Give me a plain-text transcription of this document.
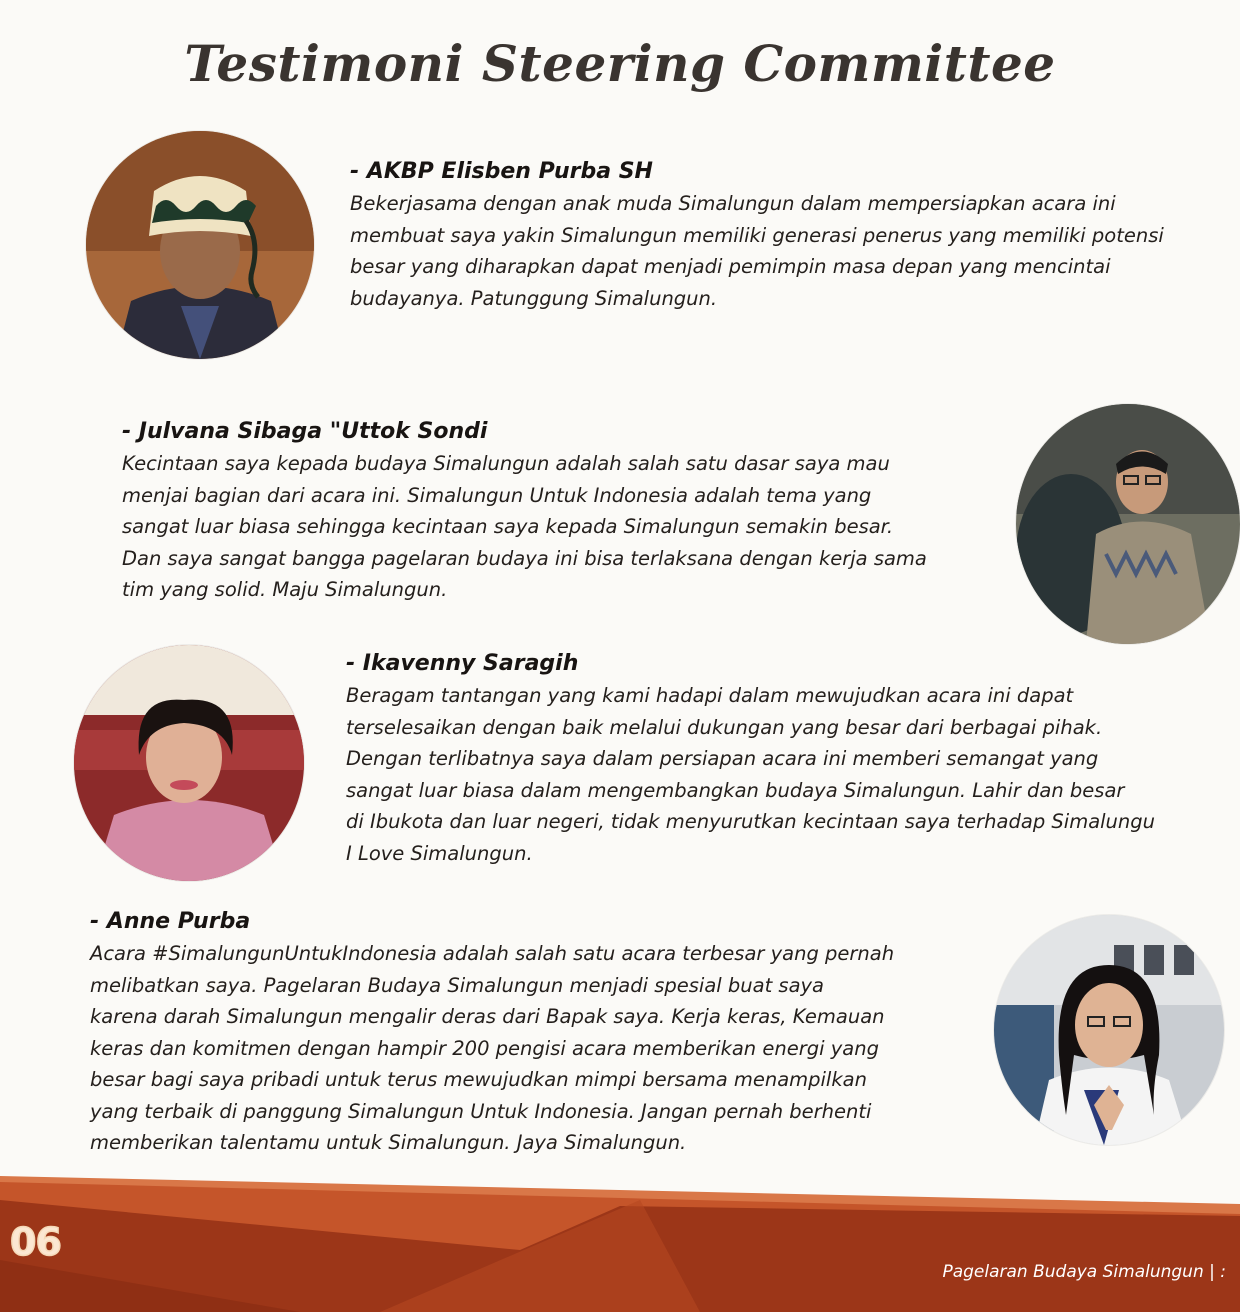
Testimoni Steering Committee
- AKBP Elisben Purba SH
Bekerjasama dengan anak muda Simalungun dalam mempersiapkan acara ini
membuat saya yakin Simalungun memiliki generasi penerus yang memiliki potensi
besar yang diharapkan dapat menjadi pemimpin masa depan yang mencintai
budayanya. Patunggung Simalungun.
- Julvana Sibaga "Uttok Sondi
Kecintaan saya kepada budaya Simalungun adalah salah satu dasar saya mau
menjai bagian dari acara ini. Simalungun Untuk Indonesia adalah tema yang
sangat luar biasa sehingga kecintaan saya kepada Simalungun semakin besar.
Dan saya sangat bangga pagelaran budaya ini bisa terlaksana dengan kerja sama
tim yang solid. Maju Simalungun.
- Ikavenny Saragih
Beragam tantangan yang kami hadapi dalam mewujudkan acara ini dapat
terselesaikan dengan baik melalui dukungan yang besar dari berbagai pihak.
Dengan terlibatnya saya dalam persiapan acara ini memberi semangat yang
sangat luar biasa dalam mengembangkan budaya Simalungun. Lahir dan besar
di Ibukota dan luar negeri, tidak menyurutkan kecintaan saya terhadap Simalungu
I Love Simalungun.
- Anne Purba
Acara #SimalungunUntukIndonesia adalah salah satu acara terbesar yang pernah
melibatkan saya. Pagelaran Budaya Simalungun menjadi spesial buat saya
karena darah Simalungun mengalir deras dari Bapak saya. Kerja keras, Kemauan
keras dan komitmen dengan hampir 200 pengisi acara memberikan energi yang
besar bagi saya pribadi untuk terus mewujudkan mimpi bersama menampilkan
yang terbaik di panggung Simalungun Untuk Indonesia. Jangan pernah berhenti
memberikan talentamu untuk Simalungun. Jaya Simalungun.
06
Pagelaran Budaya Simalungun | :
